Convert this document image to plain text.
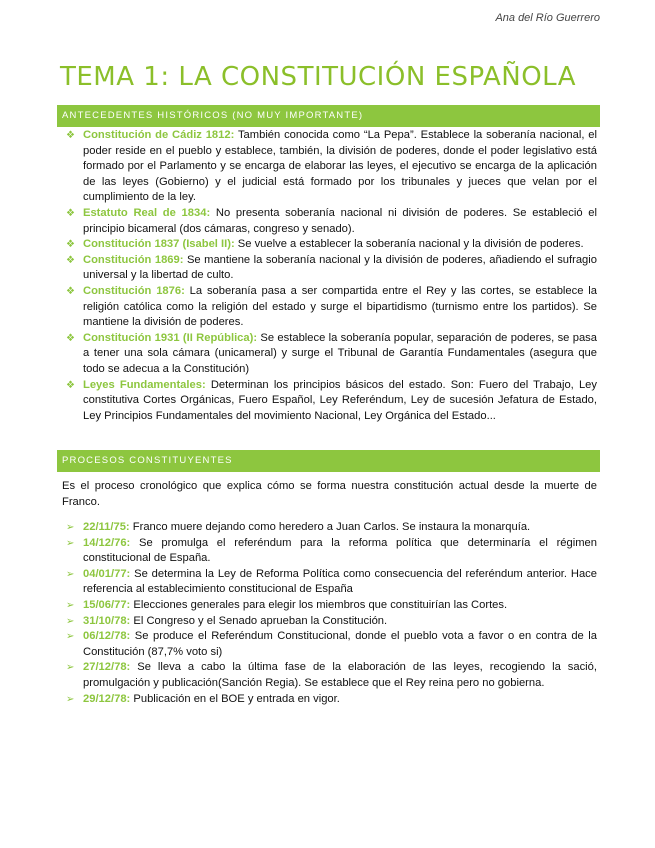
Ana del Río Guerrero
TEMA 1: LA CONSTITUCIÓN ESPAÑOLA
ANTECEDENTES HISTÓRICOS (NO MUY IMPORTANTE)
❖ Constitución de Cádiz 1812: También conocida como “La Pepa”. Establece la soberanía nacional, el poder reside en el pueblo y establece, también, la división de poderes, donde el poder legislativo está formado por el Parlamento y se encarga de elaborar las leyes, el ejecutivo se encarga de la aplicación de las leyes (Gobierno) y el judicial está formado por los tribunales y jueces que velan por el cumplimiento de la ley.
❖ Estatuto Real de 1834: No presenta soberanía nacional ni división de poderes. Se estableció el principio bicameral (dos cámaras, congreso y senado).
❖ Constitución 1837 (Isabel II): Se vuelve a establecer la soberanía nacional y la división de poderes.
❖ Constitución 1869: Se mantiene la soberanía nacional y la división de poderes, añadiendo el sufragio universal y la libertad de culto.
❖ Constitución 1876: La soberanía pasa a ser compartida entre el Rey y las cortes, se establece la religión católica como la religión del estado y surge el bipartidismo (turnismo entre los partidos). Se mantiene la división de poderes.
❖ Constitución 1931 (II República): Se establece la soberanía popular, separación de poderes, se pasa a tener una sola cámara (unicameral) y surge el Tribunal de Garantía Fundamentales (asegura que todo se adecua a la Constitución)
❖ Leyes Fundamentales: Determinan los principios básicos del estado. Son: Fuero del Trabajo, Ley constitutiva Cortes Orgánicas, Fuero Español, Ley Referéndum, Ley de sucesión Jefatura de Estado, Ley Principios Fundamentales del movimiento Nacional, Ley Orgánica del Estado...
PROCESOS CONSTITUYENTES

Es el proceso cronológico que explica cómo se forma nuestra constitución actual desde la muerte de Franco.

➢ 22/11/75: Franco muere dejando como heredero a Juan Carlos. Se instaura la monarquía.
➢ 14/12/76: Se promulga el referéndum para la reforma política que determinaría el régimen constitucional de España.
➢ 04/01/77: Se determina la Ley de Reforma Política como consecuencia del referéndum anterior. Hace referencia al establecimiento constitucional de España
➢ 15/06/77: Elecciones generales para elegir los miembros que constituirían las Cortes.
➢ 31/10/78: El Congreso y el Senado aprueban la Constitución.
➢ 06/12/78: Se produce el Referéndum Constitucional, donde el pueblo vota a favor o en contra de la Constitución (87,7% voto si)
➢ 27/12/78: Se lleva a cabo la última fase de la elaboración de las leyes, recogiendo la sació, promulgación y publicación(Sanción Regia). Se establece que el Rey reina pero no gobierna.
➢ 29/12/78: Publicación en el BOE y entrada en vigor.
